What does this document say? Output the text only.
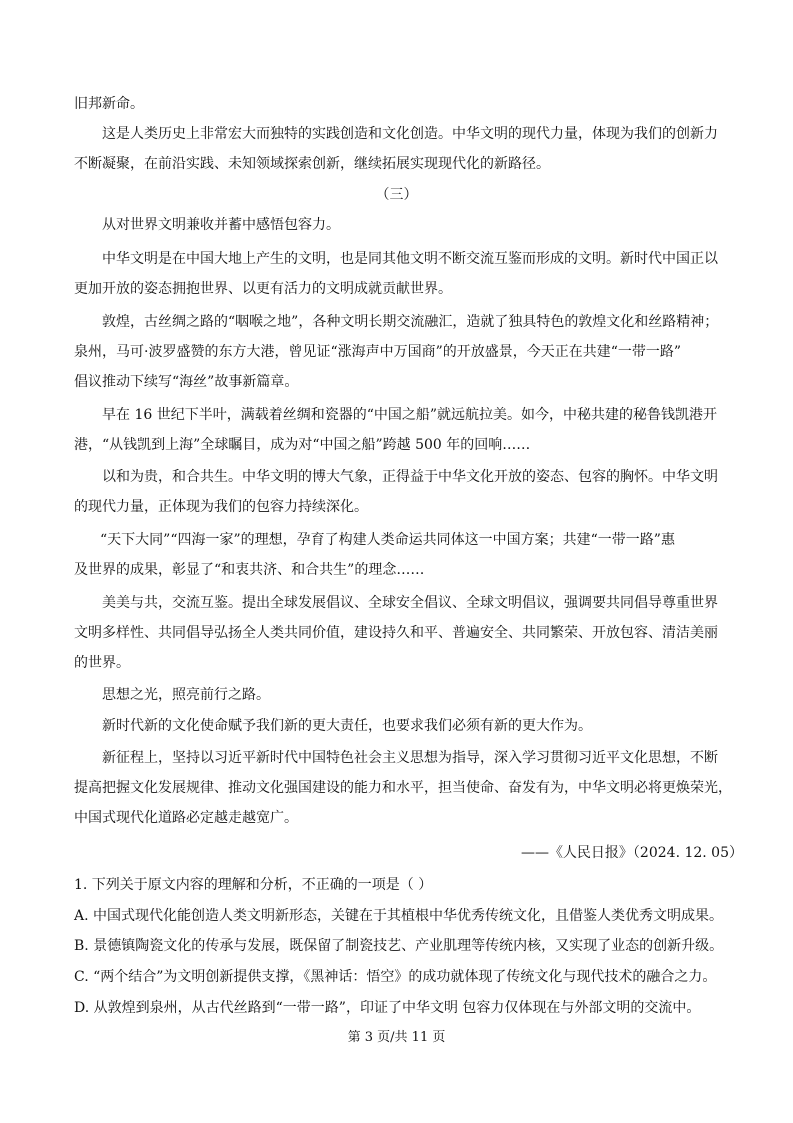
旧邦新命。
这是人类历史上非常宏大而独特的实践创造和文化创造。中华文明的现代力量，体现为我们的创新力
不断凝聚，在前沿实践、未知领域探索创新，继续拓展实现现代化的新路径。
（三）
从对世界文明兼收并蓄中感悟包容力。
中华文明是在中国大地上产生的文明，也是同其他文明不断交流互鉴而形成的文明。新时代中国正以
更加开放的姿态拥抱世界、以更有活力的文明成就贡献世界。
敦煌，古丝绸之路的“咽喉之地”，各种文明长期交流融汇，造就了独具特色的敦煌文化和丝路精神；
泉州，马可·波罗盛赞的东方大港，曾见证“涨海声中万国商”的开放盛景，今天正在共建“一带一路”
倡议推动下续写“海丝”故事新篇章。
早在 16 世纪下半叶，满载着丝绸和瓷器的“中国之船”就远航拉美。如今，中秘共建的秘鲁钱凯港开
港，“从钱凯到上海”全球瞩目，成为对“中国之船”跨越 500 年的回响……
以和为贵，和合共生。中华文明的博大气象，正得益于中华文化开放的姿态、包容的胸怀。中华文明
的现代力量，正体现为我们的包容力持续深化。
“天下大同”“四海一家”的理想，孕育了构建人类命运共同体这一中国方案；共建“一带一路”惠
及世界的成果，彰显了“和衷共济、和合共生”的理念……
美美与共，交流互鉴。提出全球发展倡议、全球安全倡议、全球文明倡议，强调要共同倡导尊重世界
文明多样性、共同倡导弘扬全人类共同价值，建设持久和平、普遍安全、共同繁荣、开放包容、清洁美丽
的世界。
思想之光，照亮前行之路。
新时代新的文化使命赋予我们新的更大责任，也要求我们必须有新的更大作为。
新征程上，坚持以习近平新时代中国特色社会主义思想为指导，深入学习贯彻习近平文化思想，不断
提高把握文化发展规律、推动文化强国建设的能力和水平，担当使命、奋发有为，中华文明必将更焕荣光，
中国式现代化道路必定越走越宽广。
——《人民日报》（2024. 12. 05）
1. 下列关于原文内容的理解和分析，不正确的一项是（ ）
A. 中国式现代化能创造人类文明新形态，关键在于其植根中华优秀传统文化，且借鉴人类优秀文明成果。
B. 景德镇陶瓷文化的传承与发展，既保留了制瓷技艺、产业肌理等传统内核，又实现了业态的创新升级。
C. “两个结合”为文明创新提供支撑，《黑神话：悟空》的成功就体现了传统文化与现代技术的融合之力。
D. 从敦煌到泉州，从古代丝路到“一带一路”，印证了中华文明 包容力仅体现在与外部文明的交流中。
第 3 页/共 11 页
